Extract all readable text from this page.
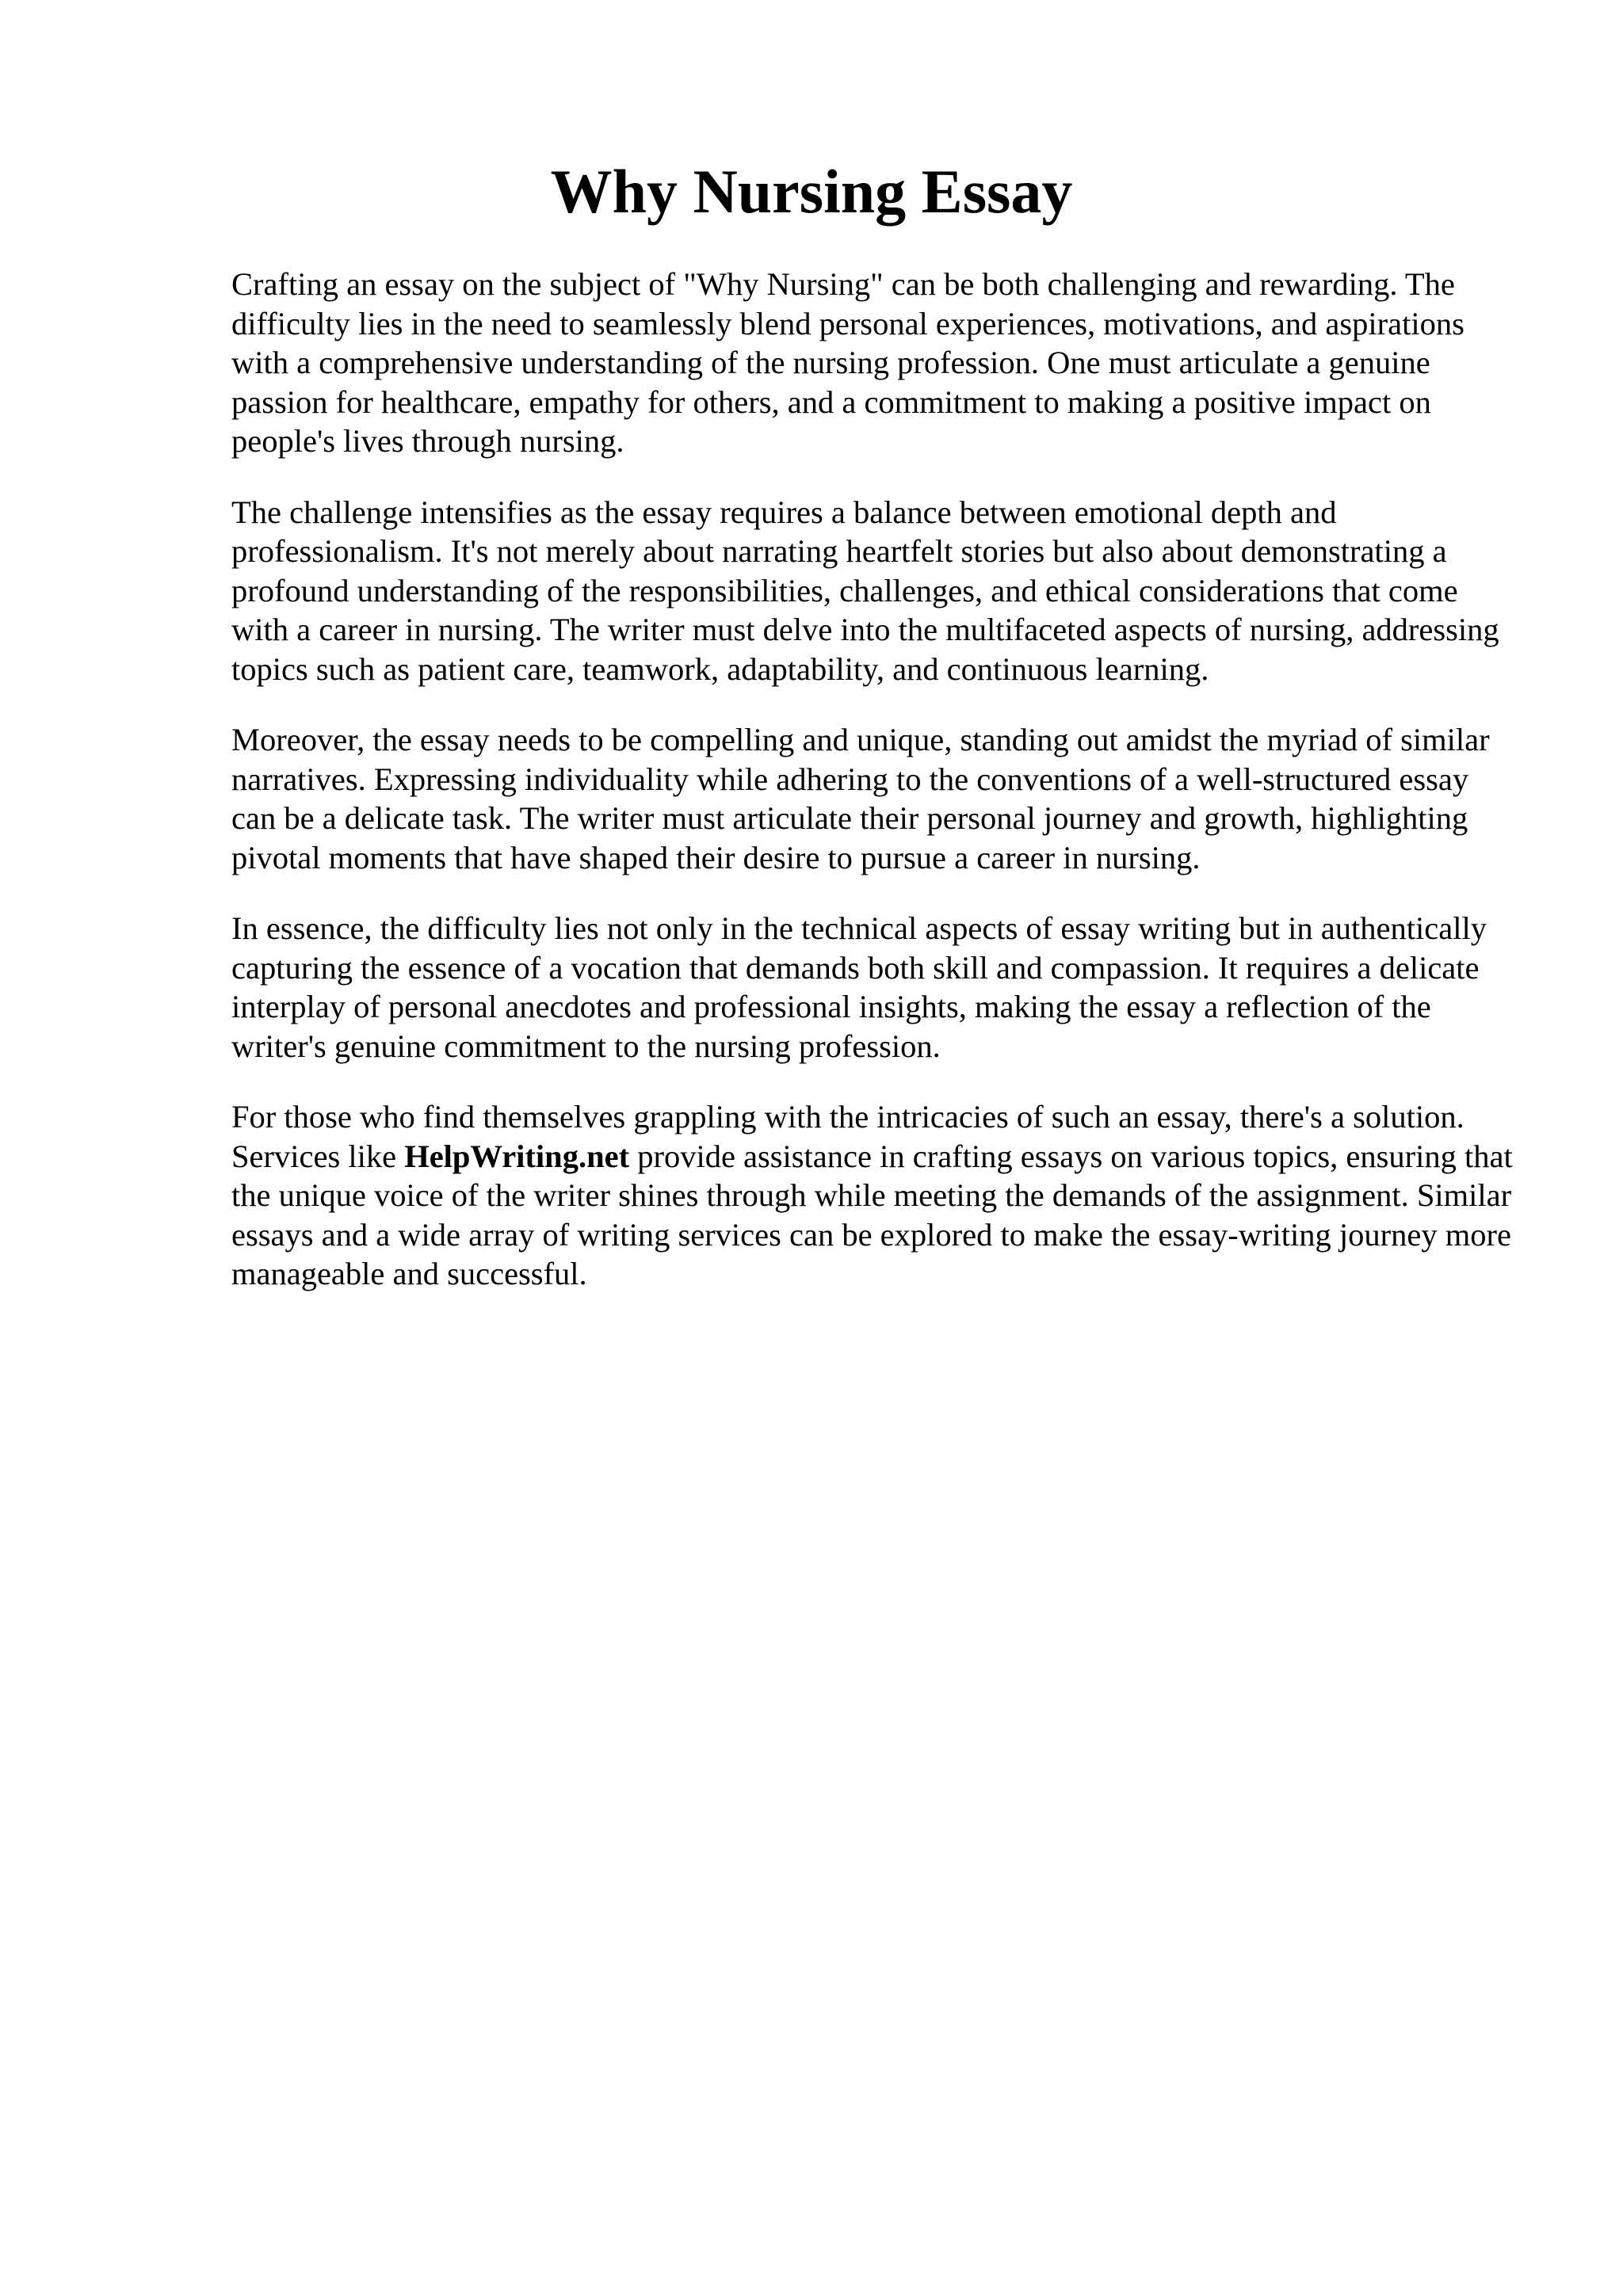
Why Nursing Essay

Crafting an essay on the subject of "Why Nursing" can be both challenging and rewarding. The difficulty lies in the need to seamlessly blend personal experiences, motivations, and aspirations with a comprehensive understanding of the nursing profession. One must articulate a genuine passion for healthcare, empathy for others, and a commitment to making a positive impact on people's lives through nursing.

The challenge intensifies as the essay requires a balance between emotional depth and professionalism. It's not merely about narrating heartfelt stories but also about demonstrating a profound understanding of the responsibilities, challenges, and ethical considerations that come with a career in nursing. The writer must delve into the multifaceted aspects of nursing, addressing topics such as patient care, teamwork, adaptability, and continuous learning.

Moreover, the essay needs to be compelling and unique, standing out amidst the myriad of similar narratives. Expressing individuality while adhering to the conventions of a well-structured essay can be a delicate task. The writer must articulate their personal journey and growth, highlighting pivotal moments that have shaped their desire to pursue a career in nursing.

In essence, the difficulty lies not only in the technical aspects of essay writing but in authentically capturing the essence of a vocation that demands both skill and compassion. It requires a delicate interplay of personal anecdotes and professional insights, making the essay a reflection of the writer's genuine commitment to the nursing profession.

For those who find themselves grappling with the intricacies of such an essay, there's a solution. Services like HelpWriting.net provide assistance in crafting essays on various topics, ensuring that the unique voice of the writer shines through while meeting the demands of the assignment. Similar essays and a wide array of writing services can be explored to make the essay-writing journey more manageable and successful.
